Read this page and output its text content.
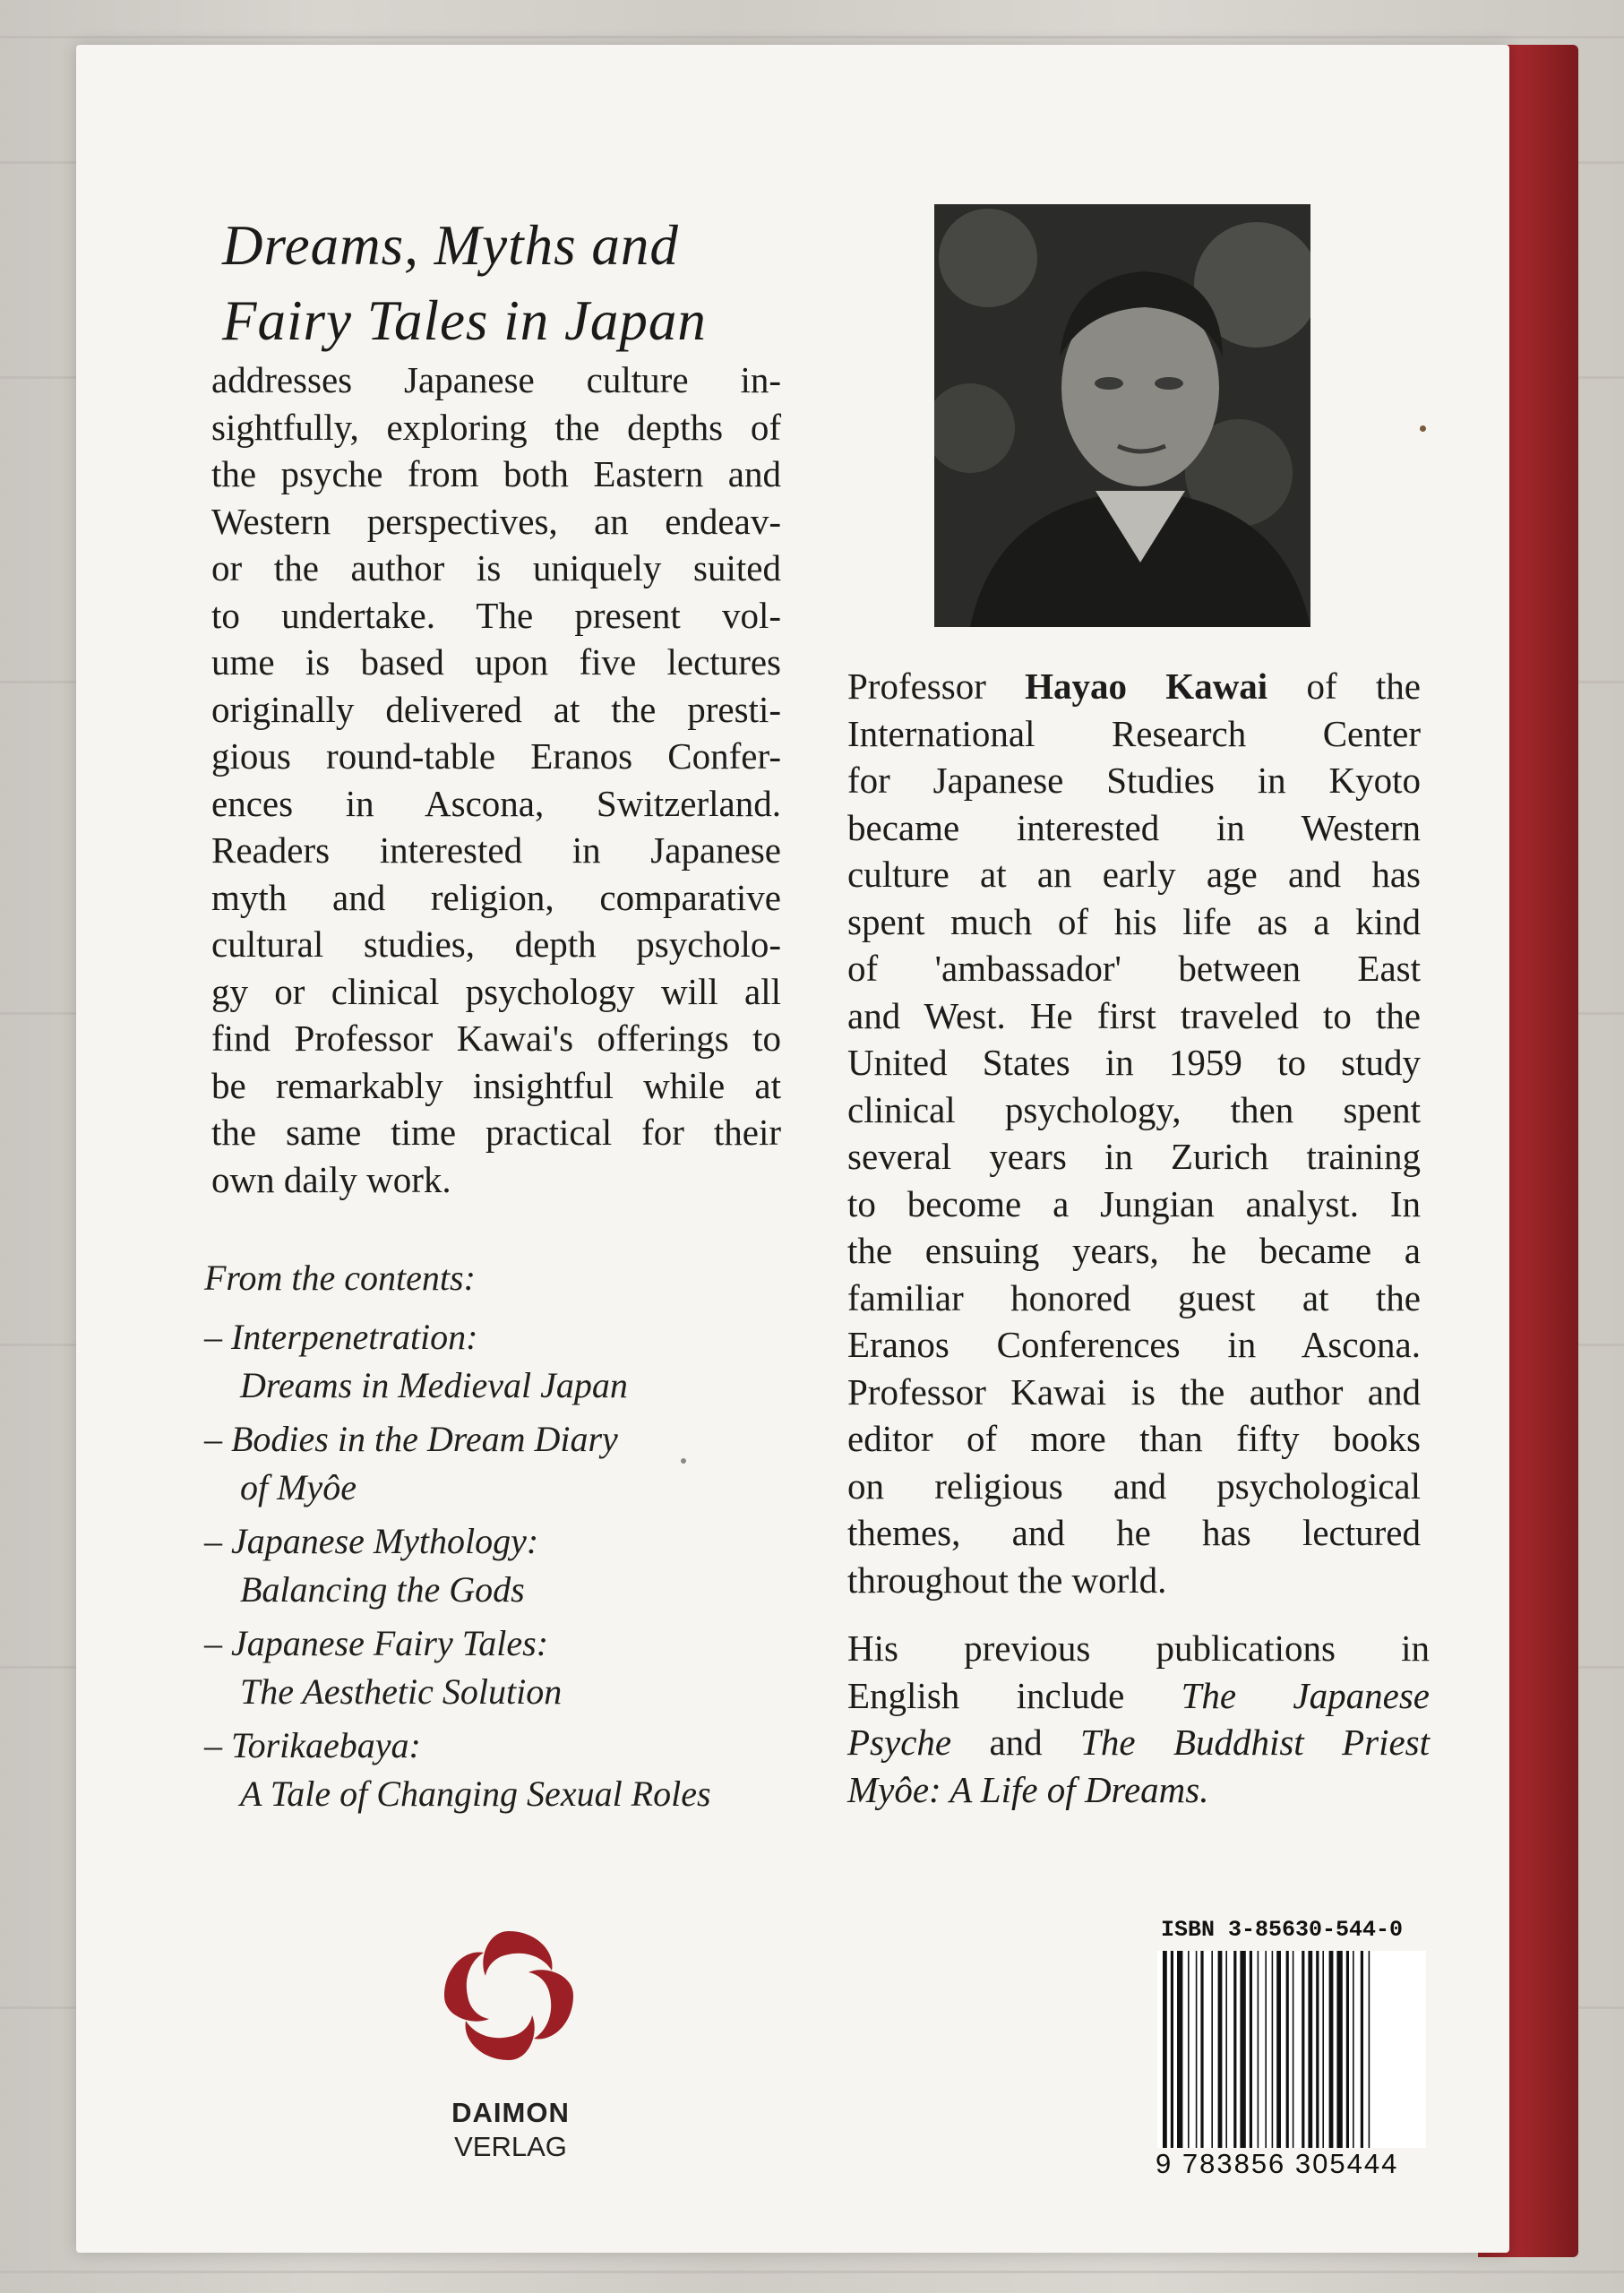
Dreams, Myths and
Fairy Tales in Japan
addresses Japanese culture in-
sightfully, exploring the depths of
the psyche from both Eastern and
Western perspectives, an endeav-
or the author is uniquely suited
to undertake. The present vol-
ume is based upon five lectures
originally delivered at the presti-
gious round-table Eranos Confer-
ences in Ascona, Switzerland.
Readers interested in Japanese
myth and religion, comparative
cultural studies, depth psycholo-
gy or clinical psychology will all
find Professor Kawai's offerings to
be remarkably insightful while at
the same time practical for their
own daily work.
From the contents:
– Interpenetration:
Dreams in Medieval Japan
– Bodies in the Dream Diary
of Myôe
– Japanese Mythology:
Balancing the Gods
– Japanese Fairy Tales:
The Aesthetic Solution
– Torikaebaya:
A Tale of Changing Sexual Roles
Professor Hayao Kawai of the
International Research Center
for Japanese Studies in Kyoto
became interested in Western
culture at an early age and has
spent much of his life as a kind
of 'ambassador' between East
and West. He first traveled to the
United States in 1959 to study
clinical psychology, then spent
several years in Zurich training
to become a Jungian analyst. In
the ensuing years, he became a
familiar honored guest at the
Eranos Conferences in Ascona.
Professor Kawai is the author and
editor of more than fifty books
on religious and psychological
themes, and he has lectured
throughout the world.
His previous publications in
English include The Japanese
Psyche and The Buddhist Priest
Myôe: A Life of Dreams.
ISBN 3-85630-544-0
9 783856 305444
DAIMON
VERLAG
